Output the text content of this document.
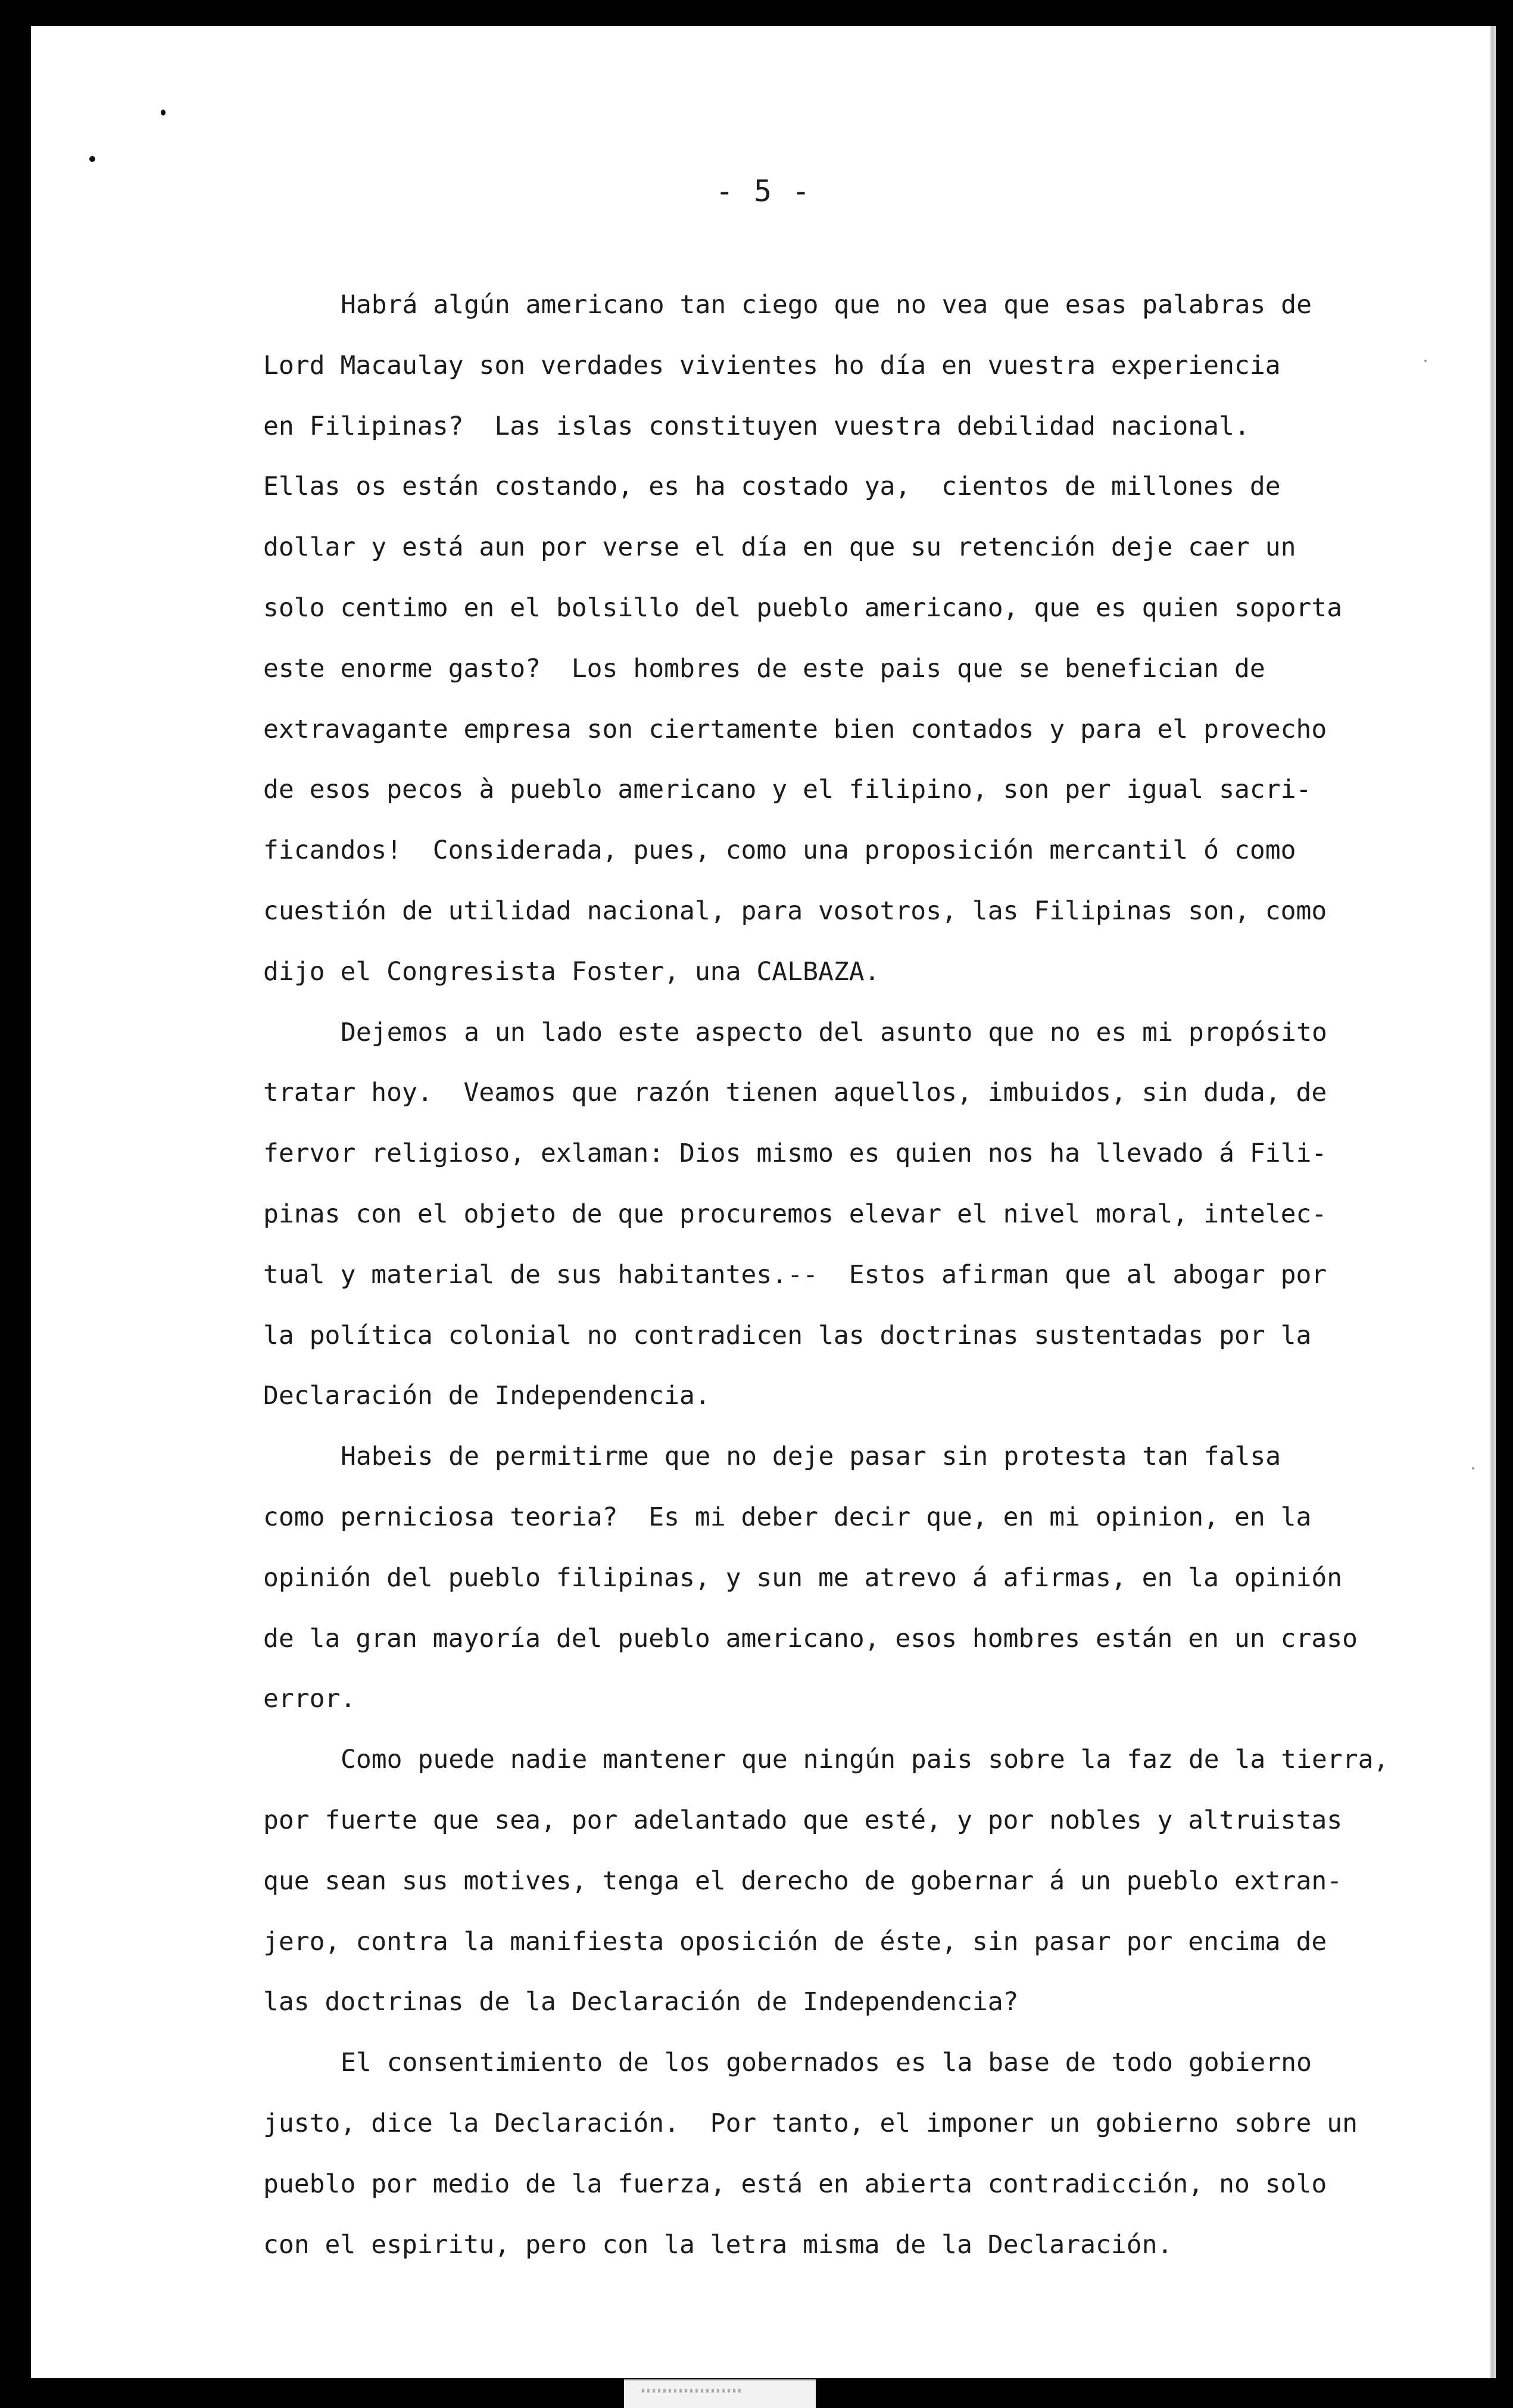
- 5 -
Habrá algún americano tan ciego que no vea que esas palabras de
Lord Macaulay son verdades vivientes ho día en vuestra experiencia
en Filipinas?  Las islas constituyen vuestra debilidad nacional.
Ellas os están costando, es ha costado ya,  cientos de millones de
dollar y está aun por verse el día en que su retención deje caer un
solo centimo en el bolsillo del pueblo americano, que es quien soporta
este enorme gasto?  Los hombres de este pais que se benefician de
extravagante empresa son ciertamente bien contados y para el provecho
de esos pecos à pueblo americano y el filipino, son per igual sacri-
ficandos!  Considerada, pues, como una proposición mercantil ó como
cuestión de utilidad nacional, para vosotros, las Filipinas son, como
dijo el Congresista Foster, una CALBAZA.
Dejemos a un lado este aspecto del asunto que no es mi propósito
tratar hoy.  Veamos que razón tienen aquellos, imbuidos, sin duda, de
fervor religioso, exlaman: Dios mismo es quien nos ha llevado á Fili-
pinas con el objeto de que procuremos elevar el nivel moral, intelec-
tual y material de sus habitantes.--  Estos afirman que al abogar por
la política colonial no contradicen las doctrinas sustentadas por la
Declaración de Independencia.
Habeis de permitirme que no deje pasar sin protesta tan falsa
como perniciosa teoria?  Es mi deber decir que, en mi opinion, en la
opinión del pueblo filipinas, y sun me atrevo á afirmas, en la opinión
de la gran mayoría del pueblo americano, esos hombres están en un craso
error.
Como puede nadie mantener que ningún pais sobre la faz de la tierra,
por fuerte que sea, por adelantado que esté, y por nobles y altruistas
que sean sus motives, tenga el derecho de gobernar á un pueblo extran-
jero, contra la manifiesta oposición de éste, sin pasar por encima de
las doctrinas de la Declaración de Independencia?
El consentimiento de los gobernados es la base de todo gobierno
justo, dice la Declaración.  Por tanto, el imponer un gobierno sobre un
pueblo por medio de la fuerza, está en abierta contradicción, no solo
con el espiritu, pero con la letra misma de la Declaración.
